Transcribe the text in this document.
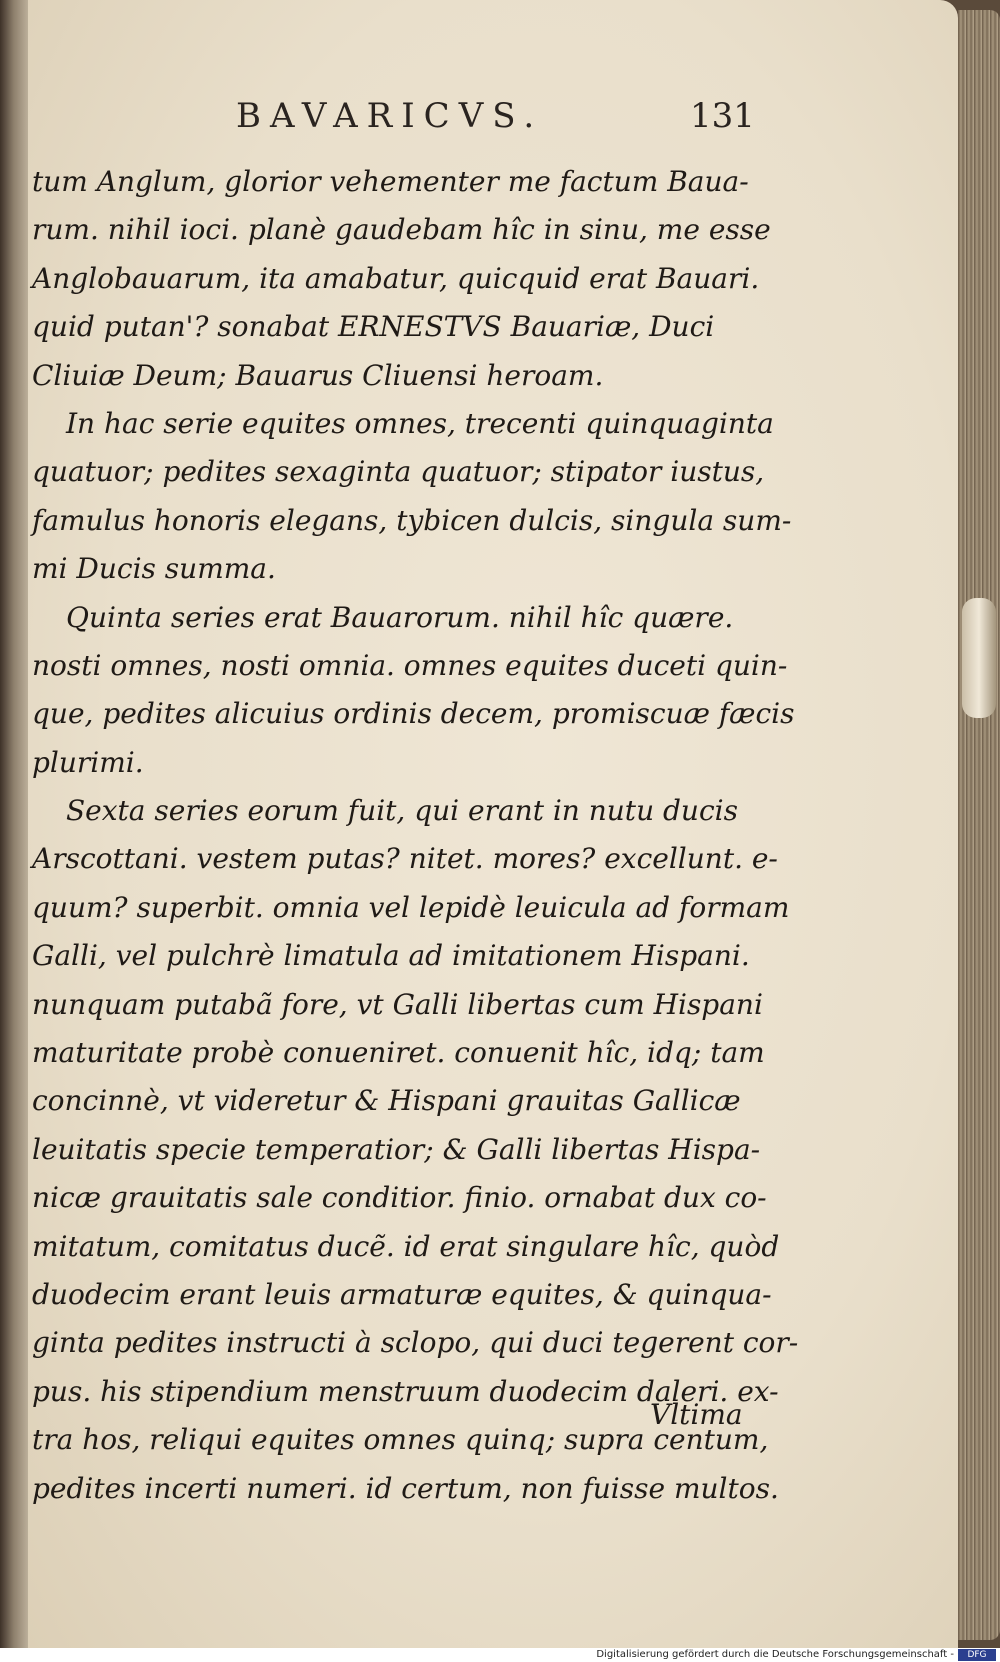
BAVARICVS.	131
tum Anglum, glorior vehementer me factum Baua-
rum. nihil ioci. planè gaudebam hîc in sinu, me esse
Anglobauarum, ita amabatur, quicquid erat Bauari.
quid putan'? sonabat ERNESTVS Bauariæ, Duci
Cliuiæ Deum; Bauarus Cliuensi heroam.
In hac serie equites omnes, trecenti quinquaginta
quatuor; pedites sexaginta quatuor; stipator iustus,
famulus honoris elegans, tybicen dulcis, singula sum-
mi Ducis summa.
Quinta series erat Bauarorum. nihil hîc quære.
nosti omnes, nosti omnia. omnes equites duceti quin-
que, pedites alicuius ordinis decem, promiscuæ fæcis
plurimi.
Sexta series eorum fuit, qui erant in nutu ducis
Arscottani. vestem putas? nitet. mores? excellunt. e-
quum? superbit. omnia vel lepidè leuicula ad formam
Galli, vel pulchrè limatula ad imitationem Hispani.
nunquam putabã fore, vt Galli libertas cum Hispani
maturitate probè conueniret. conuenit hîc, idq; tam
concinnè, vt videretur & Hispani grauitas Gallicæ
leuitatis specie temperatior; & Galli libertas Hispa-
nicæ grauitatis sale conditior. finio. ornabat dux co-
mitatum, comitatus ducẽ. id erat singulare hîc, quòd
duodecim erant leuis armaturæ equites, & quinqua-
ginta pedites instructi à sclopo, qui duci tegerent cor-
pus. his stipendium menstruum duodecim daleri. ex-
tra hos, reliqui equites omnes quinq; supra centum,
pedites incerti numeri. id certum, non fuisse multos.
Vltima
Digitalisierung gefördert durch die Deutsche Forschungsgemeinschaft -	DFG
